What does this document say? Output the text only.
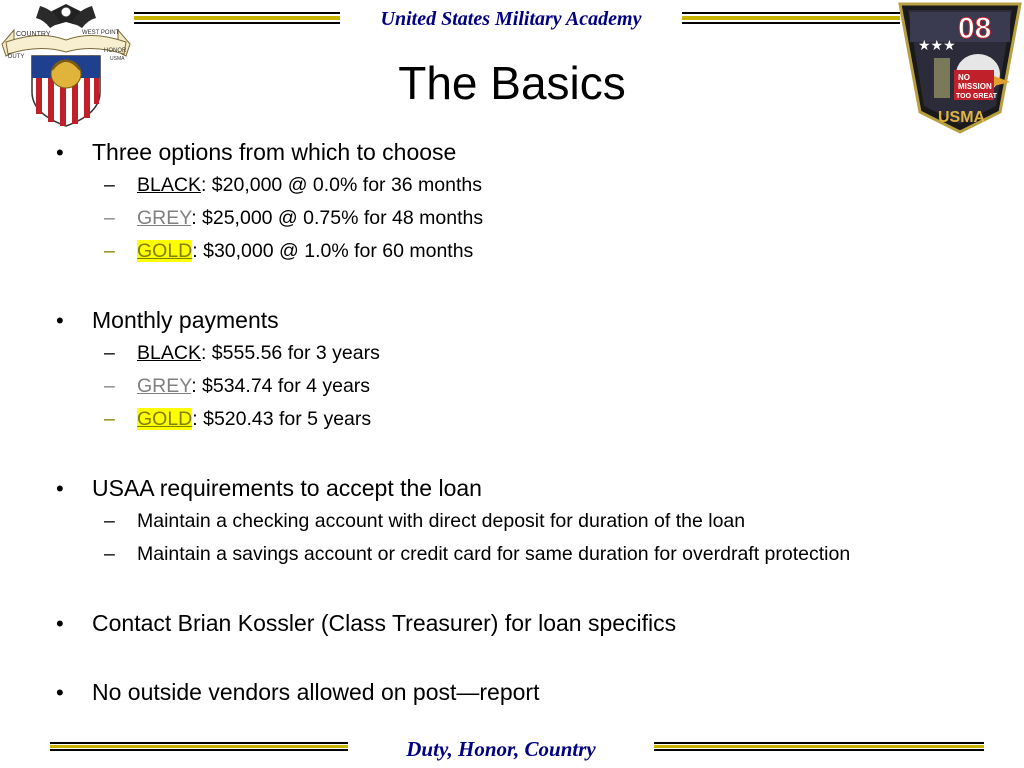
COUNTRY	WEST POINT
DUTY
HONOR
USMA
United States Military Academy	08
★★★
NO
MISSION
TOO GREAT
USMA
The Basics
• Three options from which to choose
– BLACK: $20,000 @ 0.0% for 36 months
– GREY: $25,000 @ 0.75% for 48 months
– GOLD: $30,000 @ 1.0% for 60 months
• Monthly payments
– BLACK: $555.56 for 3 years
– GREY: $534.74 for 4 years
– GOLD: $520.43 for 5 years
• USAA requirements to accept the loan
– Maintain a checking account with direct deposit for duration of the loan
– Maintain a savings account or credit card for same duration for overdraft protection
• Contact Brian Kossler (Class Treasurer) for loan specifics
• No outside vendors allowed on post—report
Duty, Honor, Country
